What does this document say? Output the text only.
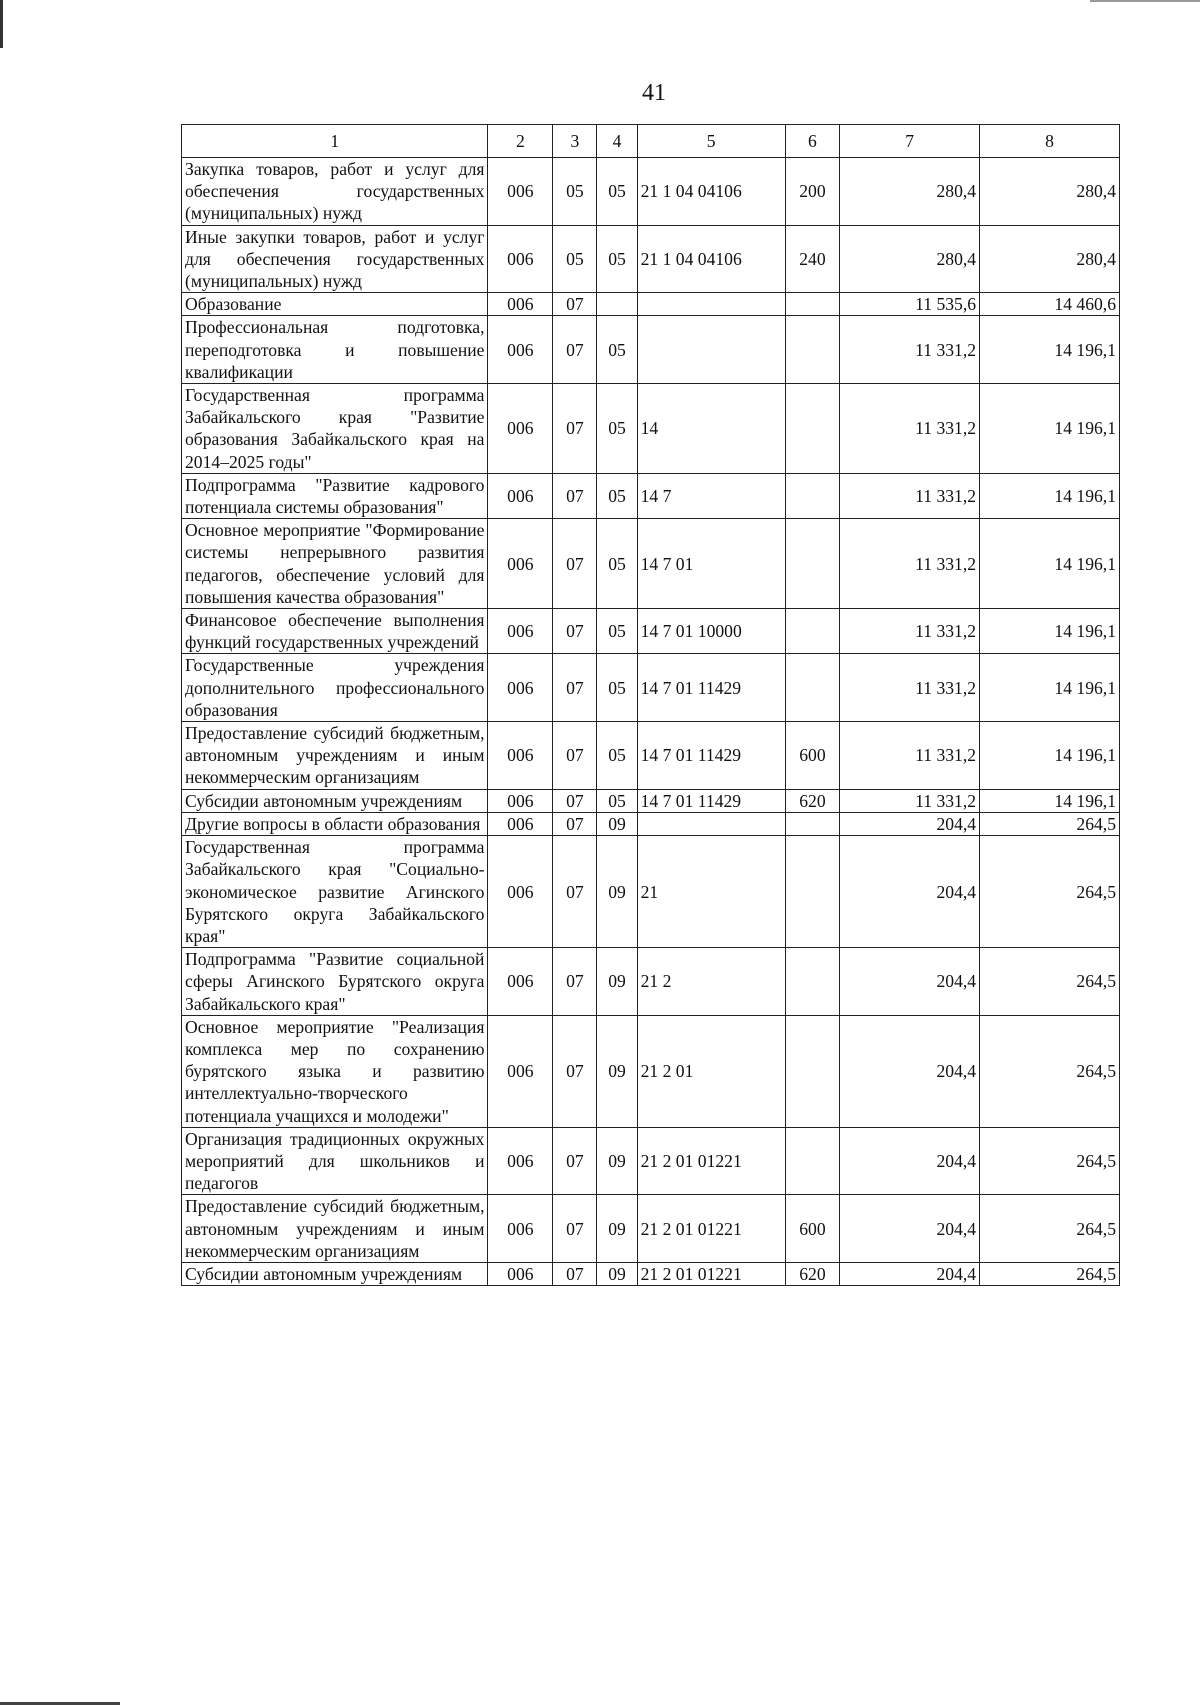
41
1	2	3	4	5	6	7	8
Закупка товаров, работ и услуг для обеспечения государственных (муниципальных) нужд	006	05	05	21 1 04 04106	200	280,4	280,4
Иные закупки товаров, работ и услуг для обеспечения государственных (муниципальных) нужд	006	05	05	21 1 04 04106	240	280,4	280,4
Образование	006	07				11 535,6	14 460,6
Профессиональная подготовка, переподготовка и повышение квалификации	006	07	05			11 331,2	14 196,1
Государственная программа Забайкальского края "Развитие образования Забайкальского края на 2014–2025 годы"	006	07	05	14		11 331,2	14 196,1
Подпрограмма "Развитие кадрового потенциала системы образования"	006	07	05	14 7		11 331,2	14 196,1
Основное мероприятие "Формирование системы непрерывного развития педагогов, обеспечение условий для повышения качества образования"	006	07	05	14 7 01		11 331,2	14 196,1
Финансовое обеспечение выполнения функций государственных учреждений	006	07	05	14 7 01 10000		11 331,2	14 196,1
Государственные учреждения дополнительного профессионального образования	006	07	05	14 7 01 11429		11 331,2	14 196,1
Предоставление субсидий бюджетным, автономным учреждениям и иным некоммерческим организациям	006	07	05	14 7 01 11429	600	11 331,2	14 196,1
Субсидии автономным учреждениям	006	07	05	14 7 01 11429	620	11 331,2	14 196,1
Другие вопросы в области образования	006	07	09			204,4	264,5
Государственная программа Забайкальского края "Социально-экономическое развитие Агинского Бурятского округа Забайкальского края"	006	07	09	21		204,4	264,5
Подпрограмма "Развитие социальной сферы Агинского Бурятского округа Забайкальского края"	006	07	09	21 2		204,4	264,5
Основное мероприятие "Реализация комплекса мер по сохранению бурятского языка и развитию интеллектуально-творческого потенциала учащихся и молодежи"	006	07	09	21 2 01		204,4	264,5
Организация традиционных окружных мероприятий для школьников и педагогов	006	07	09	21 2 01 01221		204,4	264,5
Предоставление субсидий бюджетным, автономным учреждениям и иным некоммерческим организациям	006	07	09	21 2 01 01221	600	204,4	264,5
Субсидии автономным учреждениям	006	07	09	21 2 01 01221	620	204,4	264,5
